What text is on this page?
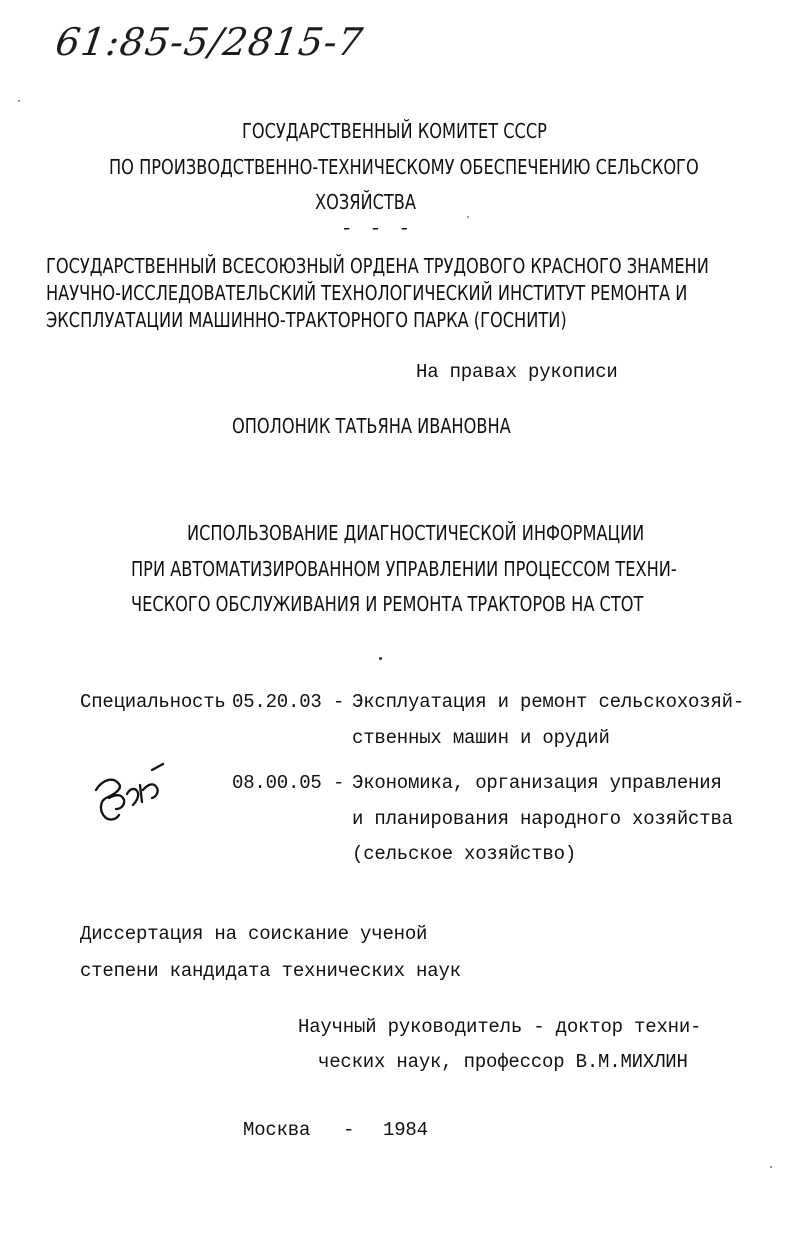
61:85-5/2815-7
ГОСУДАРСТВЕННЫЙ КОМИТЕТ СССР
ПО ПРОИЗВОДСТВЕННО-ТЕХНИЧЕСКОМУ ОБЕСПЕЧЕНИЮ СЕЛЬСКОГО
ХОЗЯЙСТВА
- - -
ГОСУДАРСТВЕННЫЙ ВСЕСОЮЗНЫЙ ОРДЕНА ТРУДОВОГО КРАСНОГО ЗНАМЕНИ
НАУЧНО-ИССЛЕДОВАТЕЛЬСКИЙ ТЕХНОЛОГИЧЕСКИЙ ИНСТИТУТ РЕМОНТА И
ЭКСПЛУАТАЦИИ МАШИННО-ТРАКТОРНОГО ПАРКА (ГОСНИТИ)
На правах рукописи
ОПОЛОНИК ТАТЬЯНА ИВАНОВНА
ИСПОЛЬЗОВАНИЕ ДИАГНОСТИЧЕСКОЙ ИНФОРМАЦИИ
ПРИ АВТОМАТИЗИРОВАННОМ УПРАВЛЕНИИ ПРОЦЕССОМ ТЕХНИ-
ЧЕСКОГО ОБСЛУЖИВАНИЯ И РЕМОНТА ТРАКТОРОВ НА СТОТ
Специальность 05.20.03 - Эксплуатация и ремонт сельскохозяй-
ственных машин и орудий
08.00.05 - Экономика, организация управления
и планирования народного хозяйства
(сельское хозяйство)
Диссертация на соискание ученой
степени кандидата технических наук
Научный руководитель - доктор техни-
ческих наук, профессор В.М.МИХЛИН
Москва - 1984
